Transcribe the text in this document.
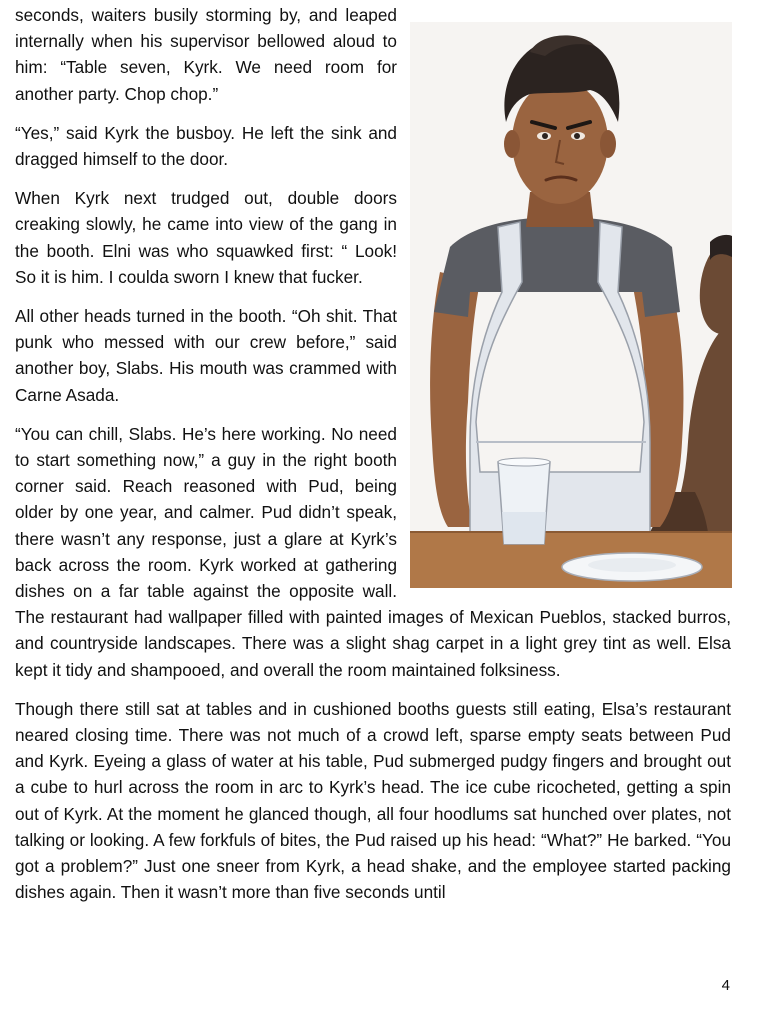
seconds, waiters busily storming by, and leaped internally when his supervisor bellowed aloud to him: “Table seven, Kyrk. We need room for another party. Chop chop.”

“Yes,” said Kyrk the busboy. He left the sink and dragged himself to the door.

When Kyrk next trudged out, double doors creaking slowly, he came into view of the gang in the booth. Elni was who squawked first: “ Look! So it is him. I coulda sworn I knew that fucker.

All other heads turned in the booth. “Oh shit. That punk who messed with our crew before,” said another boy, Slabs. His mouth was crammed with Carne Asada.

“You can chill, Slabs. He’s here working. No need to start something now,” a guy in the right booth corner said. Reach reasoned with Pud, being older by one year, and calmer. Pud didn’t speak, there wasn’t any response, just a glare at Kyrk’s back across the room. Kyrk worked at gathering dishes on a far table against the opposite wall. The restaurant had wallpaper filled with painted images of Mexican Pueblos, stacked burros, and countryside landscapes. There was a slight shag carpet in a light grey tint as well. Elsa kept it tidy and shampooed, and overall the room maintained folksiness.

Though there still sat at tables and in cushioned booths guests still eating, Elsa’s restaurant neared closing time. There was not much of a crowd left, sparse empty seats between Pud and Kyrk. Eyeing a glass of water at his table, Pud submerged pudgy fingers and brought out a cube to hurl across the room in arc to Kyrk’s head. The ice cube ricocheted, getting a spin out of Kyrk. At the moment he glanced though, all four hoodlums sat hunched over plates, not talking or looking. A few forkfuls of bites, the Pud raised up his head: “What?” He barked. “You got a problem?” Just one sneer from Kyrk, a head shake, and the employee started packing dishes again. Then it wasn’t more than five seconds until

4
